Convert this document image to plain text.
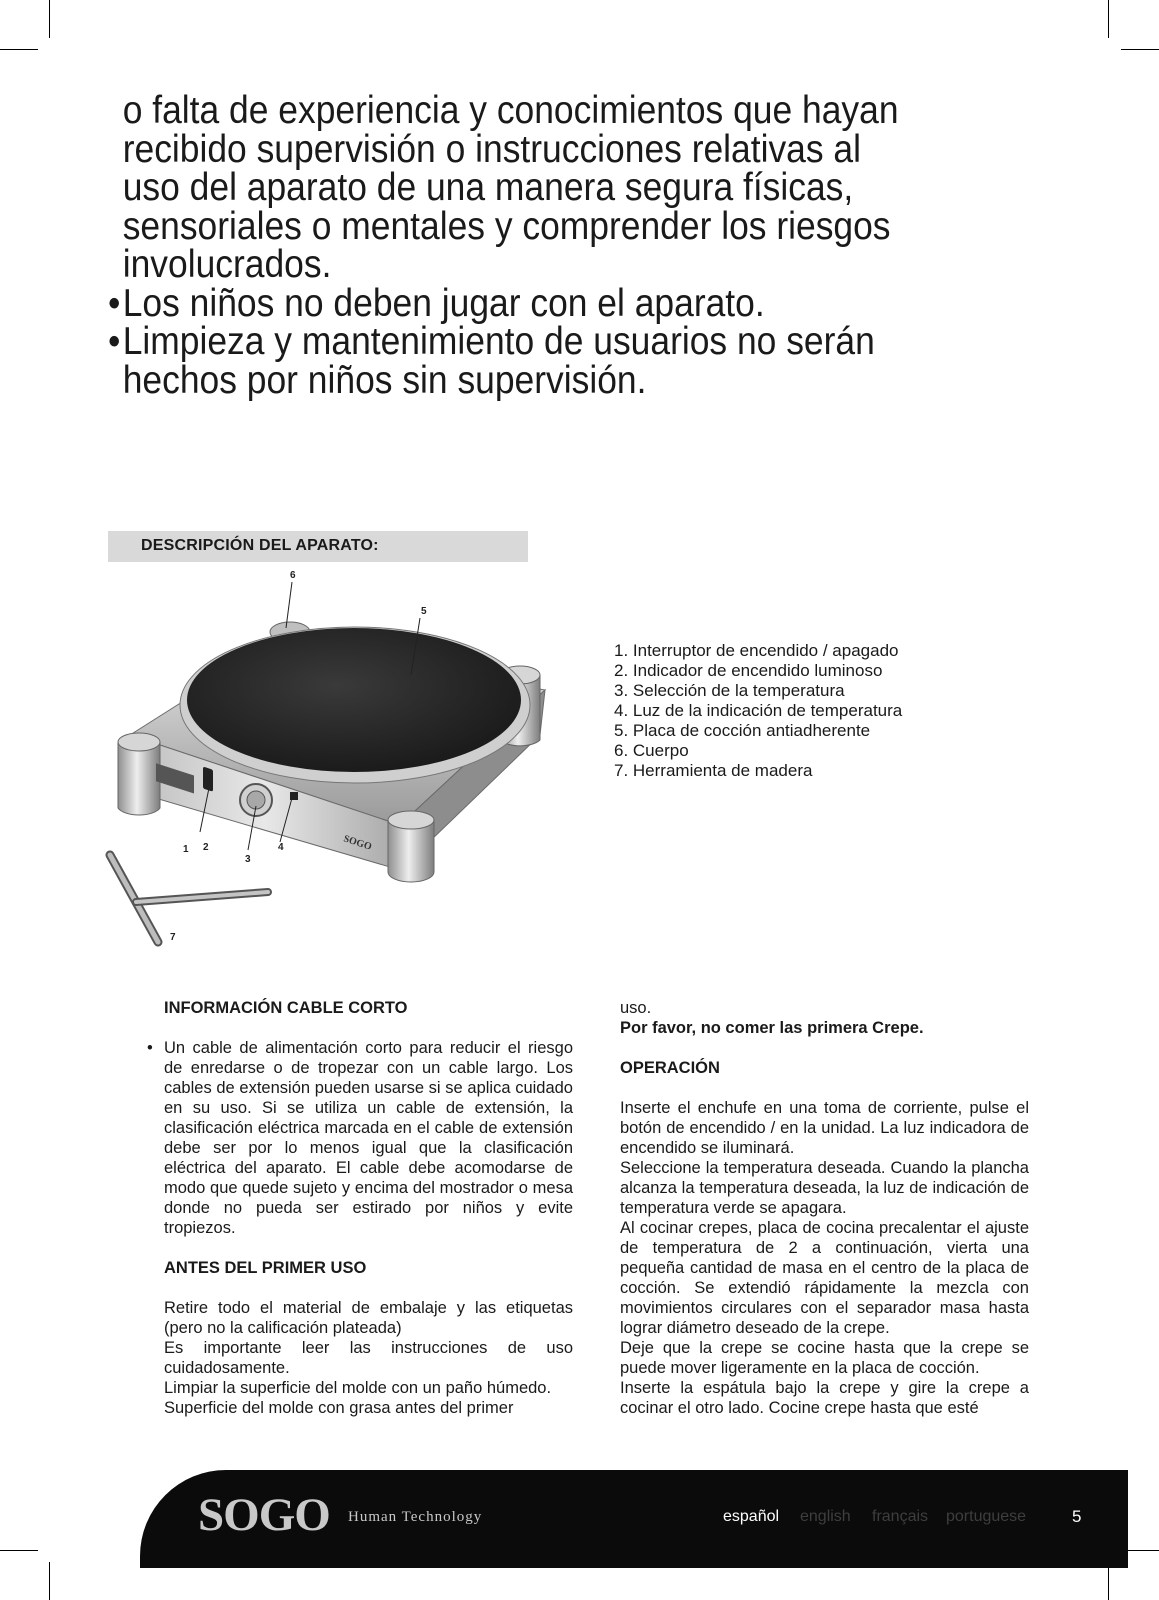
o falta de experiencia y conocimientos que hayan
recibido supervisión o instrucciones relativas al
uso del aparato de una manera segura físicas,
sensoriales o mentales y comprender los riesgos
involucrados.
• Los niños no deben jugar con el aparato.
• Limpieza y mantenimiento de usuarios no serán
hechos por niños sin supervisión.
DESCRIPCIÓN DEL APARATO:
SOGO
6
5
1 2
3
4
7
1. Interruptor de encendido / apagado
2. Indicador de encendido luminoso
3. Selección de la temperatura
4. Luz de la indicación de temperatura
5. Placa de cocción antiadherente
6. Cuerpo
7. Herramienta de madera

INFORMACIÓN CABLE CORTO

• Un cable de alimentación corto para reducir el riesgo de enredarse o de tropezar con un cable largo. Los cables de extensión pueden usarse si se aplica cuidado en su uso. Si se utiliza un cable de extensión, la clasificación eléctrica marcada en el cable de extensión debe ser por lo menos igual que la clasificación eléctrica del aparato. El cable debe acomodarse de modo que quede sujeto y encima del mostrador o mesa donde no pueda ser estirado por niños y evite tropiezos.

ANTES DEL PRIMER USO

Retire todo el material de embalaje y las etiquetas (pero no la calificación plateada)

Es importante leer las instrucciones de uso cuidadosamente.

Limpiar la superficie del molde con un paño húmedo.

Superficie del molde con grasa antes del primer

uso.

Por favor, no comer las primera Crepe.

OPERACIÓN

Inserte el enchufe en una toma de corriente, pulse el botón de encendido / en la unidad. La luz indicadora de encendido se iluminará.

Seleccione la temperatura deseada. Cuando la plancha alcanza la temperatura deseada, la luz de indicación de temperatura verde se apagara.

Al cocinar crepes, placa de cocina precalentar el ajuste de temperatura de 2 a continuación, vierta una pequeña cantidad de masa en el centro de la placa de cocción. Se extendió rápidamente la mezcla con movimientos circulares con el separador masa hasta lograr diámetro deseado de la crepe.

Deje que la crepe se cocine hasta que la crepe se puede mover ligeramente en la placa de cocción.

Inserte la espátula bajo la crepe y gire la crepe a cocinar el otro lado. Cocine crepe hasta que esté

SOGO Human Technology	español english français portuguese	5
